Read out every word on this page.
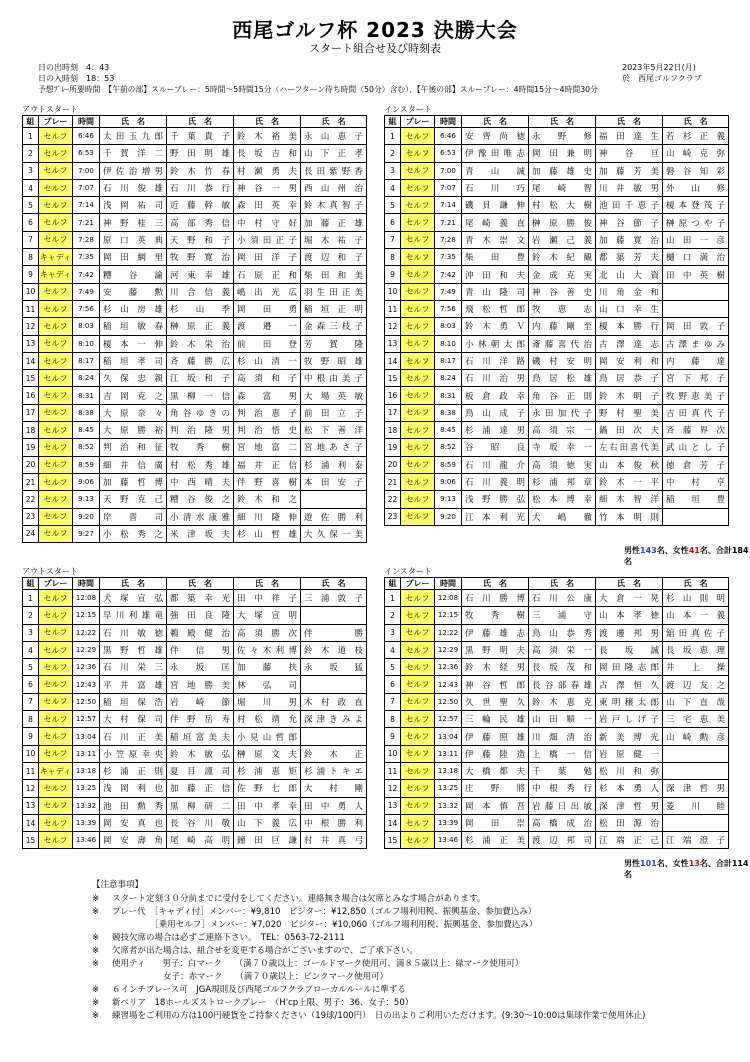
西尾ゴルフ杯 2023 決勝大会
スタート組合せ及び時刻表
日の出時刻　4：43
日の入時刻　18：53
予想ﾌﾟﾚｰ所要時間　【午前の部】スループレー：5時間～5時間15分（ハーフターン待ち時間（50分）含む）、【午後の部】スループレー：4時間15分～4時間30分
2023年5月22日(月)
於　西尾ゴルフクラブ
アウトスタート	インスタート
組	プレー	時間	氏　名	氏　名	氏　名	氏　名
1	セルフ	6:46	太田玉九郎	千葉貴子	鈴木裕美	永山恵子
2	セルフ	6:53	千賀洋二	野田明雄	長坂吉和	山下正孝
3	セルフ	7:00	伊佐治増男	鈴木竹春	村瀬勇夫	長田紫野香
4	セルフ	7:07	石川俊雄	石川恭行	神谷一男	西山州治
5	セルフ	7:14	浅岡祐司	近藤幹敏	森田英幸	鈴木真智子
6	セルフ	7:21	神野桂三	高部秀信	中村守好	加藤正雄
7	セルフ	7:28	原口英典	天野和子	小須田正子	堀木祐子
8	キャディ	7:35	岡田網里	牧野寛治	岡田洋子	渡辺和子
9	キャディ	7:42	糟谷諭	河東幸雄	石原正和	柴田和美
10	セルフ	7:49	安藤勲	川合信義	嶋出光広	羽生田正美
11	セルフ	7:56	杉山房雄	杉山季	岡田勇	稲垣正明
12	セルフ	8:03	稲垣敏春	榊原正義	渡邉一	金森三枝子
13	セルフ	8:10	榎本一伸	鈴木栄治	前田登	芳賀隆
14	セルフ	8:17	稲垣孝司	斉藤勝広	杉山清一	牧野昭雄
15	セルフ	8:24	久保忠親	江坂和子	高須和子	中根由美子
16	セルフ	8:31	吉岡克之	黒柳一信	森富男	大場英敏
17	セルフ	8:38	大原奈々	角谷ゆきの	判治恵子	前田立子
18	セルフ	8:45	大原勝裕	判治隆男	判治悟史	松下善洋
19	セルフ	8:52	判治和征	牧秀樹	宮地富二	宮地あさ子
20	セルフ	8:59	細井信廣	村松秀雄	福井正信	杉浦利泰
21	セルフ	9:06	加藤哲博	中西晴夫	伴野喜樹	本田安子
22	セルフ	9:13	天野克己	糟谷俊之	鈴木和之	
23	セルフ	9:20	岸晋司	小清水康雅	細川隆伸	遊佐勝利
24	セルフ	9:27	小松秀之	米津坂夫	杉山哲雄	大久保一美
組	プレー	時間	氏　名	氏　名	氏　名	氏　名
1	セルフ	6:46	安齊尚徳	永野修	福田達生	若杉正義
2	セルフ	6:53	伊豫田唯志	岡田兼明	神谷亘	山崎克弥
3	セルフ	7:00	青山誠	加藤雄史	加藤芳美	磐谷知彩
4	セルフ	7:07	石川巧	尾崎智	川井敏男	外山修
5	セルフ	7:14	磯貝謙伸	村松大樹	池田千恵子	榎本登茂子
6	セルフ	7:21	尾崎義直	榊原勝俊	神谷節子	榊原つや子
7	セルフ	7:28	青木崇文	岩瀬己義	加藤寛治	山田一彦
8	セルフ	7:35	柴田豊	鈴木紀観	都築芳夫	樋口満治
9	セルフ	7:42	沖田和夫	金成克実	北山大資	田中英樹
10	セルフ	7:49	青山隆司	神谷善史	川角金和	
11	セルフ	7:56	飛松哲郎	牧恵志	山口幸生	
12	セルフ	8:03	鈴木勇Ｖ	内藤剛至	榎本勝行	岡田敦子
13	セルフ	8:10	小林朝太郎	斎藤喜代治	古澤達志	古澤まゆみ
14	セルフ	8:17	石川洋路	磯村安明	岡安利和	内藤達
15	セルフ	8:24	石川治男	鳥居松雄	鳥居恭子	宮下邦子
16	セルフ	8:31	板倉政幸	角谷正則	鈴木明子	牧野恵美子
17	セルフ	8:38	鳥山成子	永田加代子	野村聖美	吉田真代子
18	セルフ	8:45	杉浦達男	高須宗一	鍋田次夫	斉藤界次
19	セルフ	8:52	谷昭良	寺坂幸一	左右田喜代美	武山とし子
20	セルフ	8:59	石川龍介	高須徳実	山本俊秋	徳倉芳子
21	セルフ	9:06	石川義明	杉浦邦章	鈴木一平	中村亨
22	セルフ	9:13	浅野勝弘	松本博幸	細木智洋	稲垣豊
23	セルフ	9:20	江本利光	大嶋徹	竹本明則	
男性143名、女性41名、合計184名
アウトスタート	インスタート
組	プレー	時間	氏　名	氏　名	氏　名	氏　名
1	セルフ	12:08	犬塚宣弘	都築幸光	田中祥子	三浦敦子
2	セルフ	12:15	早川利雄竜	強田良隆	大塚宣明	
3	セルフ	12:22	石川敏徳	鵜殿健治	高須勝次	伴勝
4	セルフ	12:29	黒野哲雄	伴信男	佐々木利博	鈴木道枝
5	セルフ	12:36	石川栄三	永坂匡	加藤扶	永坂猛
6	セルフ	12:43	平井富雄	宮地勝美	林弘司	
7	セルフ	12:50	稲垣保浩	岩崎節	堀川男	木村政直
8	セルフ	12:57	大村保司	伴野岳寿	村松靖允	深津きみよ
9	セルフ	13:04	石川正美	稲垣富美夫	小見山哲郎	
10	セルフ	13:11	小笠原幸央	鈴木敏弘	榊原文夫	鈴木正
11	キャディ	13:18	杉浦正則	夏目謹司	杉浦恵矩	杉浦トキエ
12	セルフ	13:25	浅岡利也	加藤正信	佐野七郎	大村剛
13	セルフ	13:32	池田勲秀	黒柳研二	田中孝幸	田中勇人
14	セルフ	13:39	岡安真也	長谷川敬	山下義広	中根勝利
15	セルフ	13:46	岡安壽角	尾崎高明	鐘田巨謙	村井真弓
組	プレー	時間	氏　名	氏　名	氏　名	氏　名
1	セルフ	12:08	石川勝博	石川公康	大倉一晃	杉山則明
2	セルフ	12:15	牧秀樹	三浦守	山本孝徳	山本一義
3	セルフ	12:22	伊藤雄志	鳥山恭秀	渡邊邦男	舘田真佐子
4	セルフ	12:29	黒野明夫	高須栄一	長坂誠	長坂恵理
5	セルフ	12:36	鈴木経男	長坂茂和	岡田隆志郎	井上操
6	セルフ	12:43	神谷哲郎	長谷部春雄	古澤恒久	渡辺友之
7	セルフ	12:50	久世聖久	鈴木恵克	東明穣太郎	山下直哉
8	セルフ	12:57	三輪民雄	山田順一	岩戸しげ子	三宅恵美
9	セルフ	13:04	伊藤照雄	川畑清治	新美博光	山崎勲彦
10	セルフ	13:11	伊藤陸造	上橋一信	岩原健一	
11	セルフ	13:18	大橋都夫	千葉勉	松川和弥	
12	セルフ	13:25	庄野將	中根秀行	杉本勇人	深津哲男
13	セルフ	13:32	岡本慎吾	岩藤日出敏	深津哲男	菱川睦
14	セルフ	13:39	岡田崇	高橋成治	松田源治	
15	セルフ	13:46	杉浦正美	渡辺邦司	江端正己	江端澄子
男性101名、女性13名、合計114名
【注意事項】
※ スタート定刻３０分前までに受付をしてください。連絡無き場合は欠席とみなす場合があります。
※ プレー代　［キャディ付］メンバー：¥9,810　ビジター：¥12,850（ゴルフ場利用税、振興基金、参加費込み）
　　　　　［乗用セルフ］メンバー：¥7,020　ビジター：¥10,060（ゴルフ場利用税、振興基金、参加費込み）
※ 競技欠席の場合は必ずご連絡下さい。　TEL：0563-72-2111
※ 欠席者が出た場合は、組合せを変更する場合がございますので、ご了承下さい。
※ 使用ティ　　男子：白マーク　　（満７０歳以上：ゴールドマーク使用可、満８５歳以上：緑マーク使用可）
　　　　　　女子：赤マーク　　（満７０歳以上：ピンクマーク使用可）
※ ６インチプレース可　JGA規則及び西尾ゴルフクラブローカルルールに準ずる
※ 新ペリア　18ホールズストロークプレー　（H'cp上限、男子：36、女子：50）
※ 練習場をご利用の方は100円硬貨をご持参ください（19球/100円）　日の出よりご利用いただけます。(9:30～10:00は集球作業で使用休止)
